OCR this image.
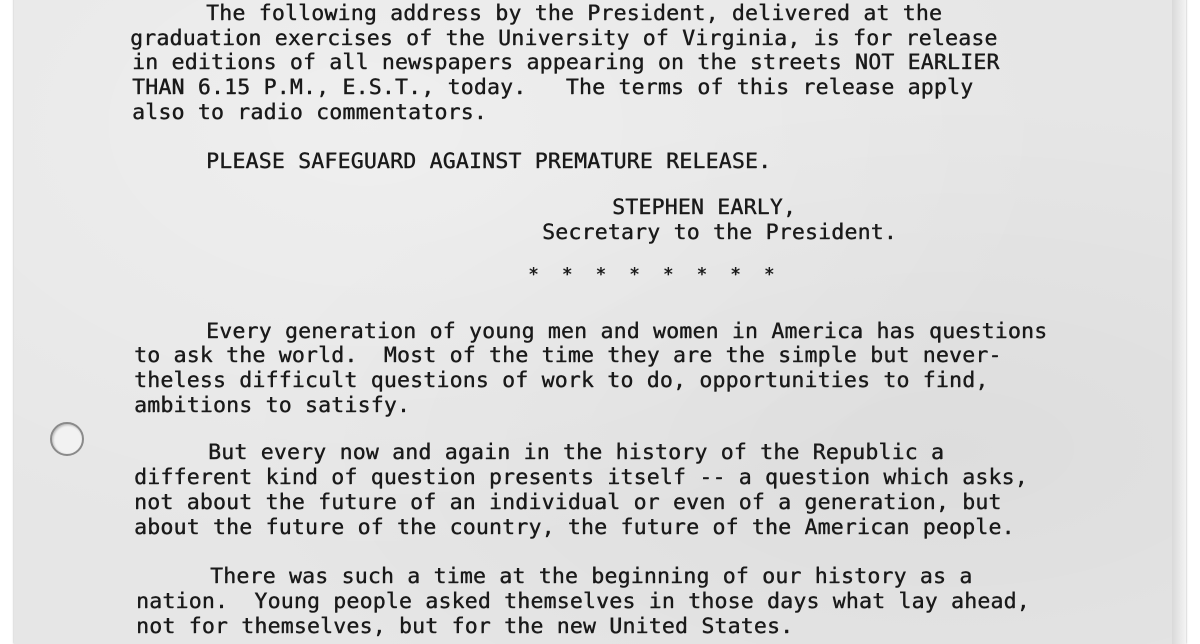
The following address by the President, delivered at the

graduation exercises of the University of Virginia, is for release

in editions of all newspapers appearing on the streets NOT EARLIER

THAN 6.15 P.M., E.S.T., today.   The terms of this release apply

also to radio commentators.

PLEASE SAFEGUARD AGAINST PREMATURE RELEASE.

STEPHEN EARLY,

Secretary to the President.

* * * * * * * *

Every generation of young men and women in America has questions

to ask the world.  Most of the time they are the simple but never-

theless difficult questions of work to do, opportunities to find,

ambitions to satisfy.

But every now and again in the history of the Republic a

different kind of question presents itself -- a question which asks,

not about the future of an individual or even of a generation, but

about the future of the country, the future of the American people.

There was such a time at the beginning of our history as a

nation.  Young people asked themselves in those days what lay ahead,

not for themselves, but for the new United States.
